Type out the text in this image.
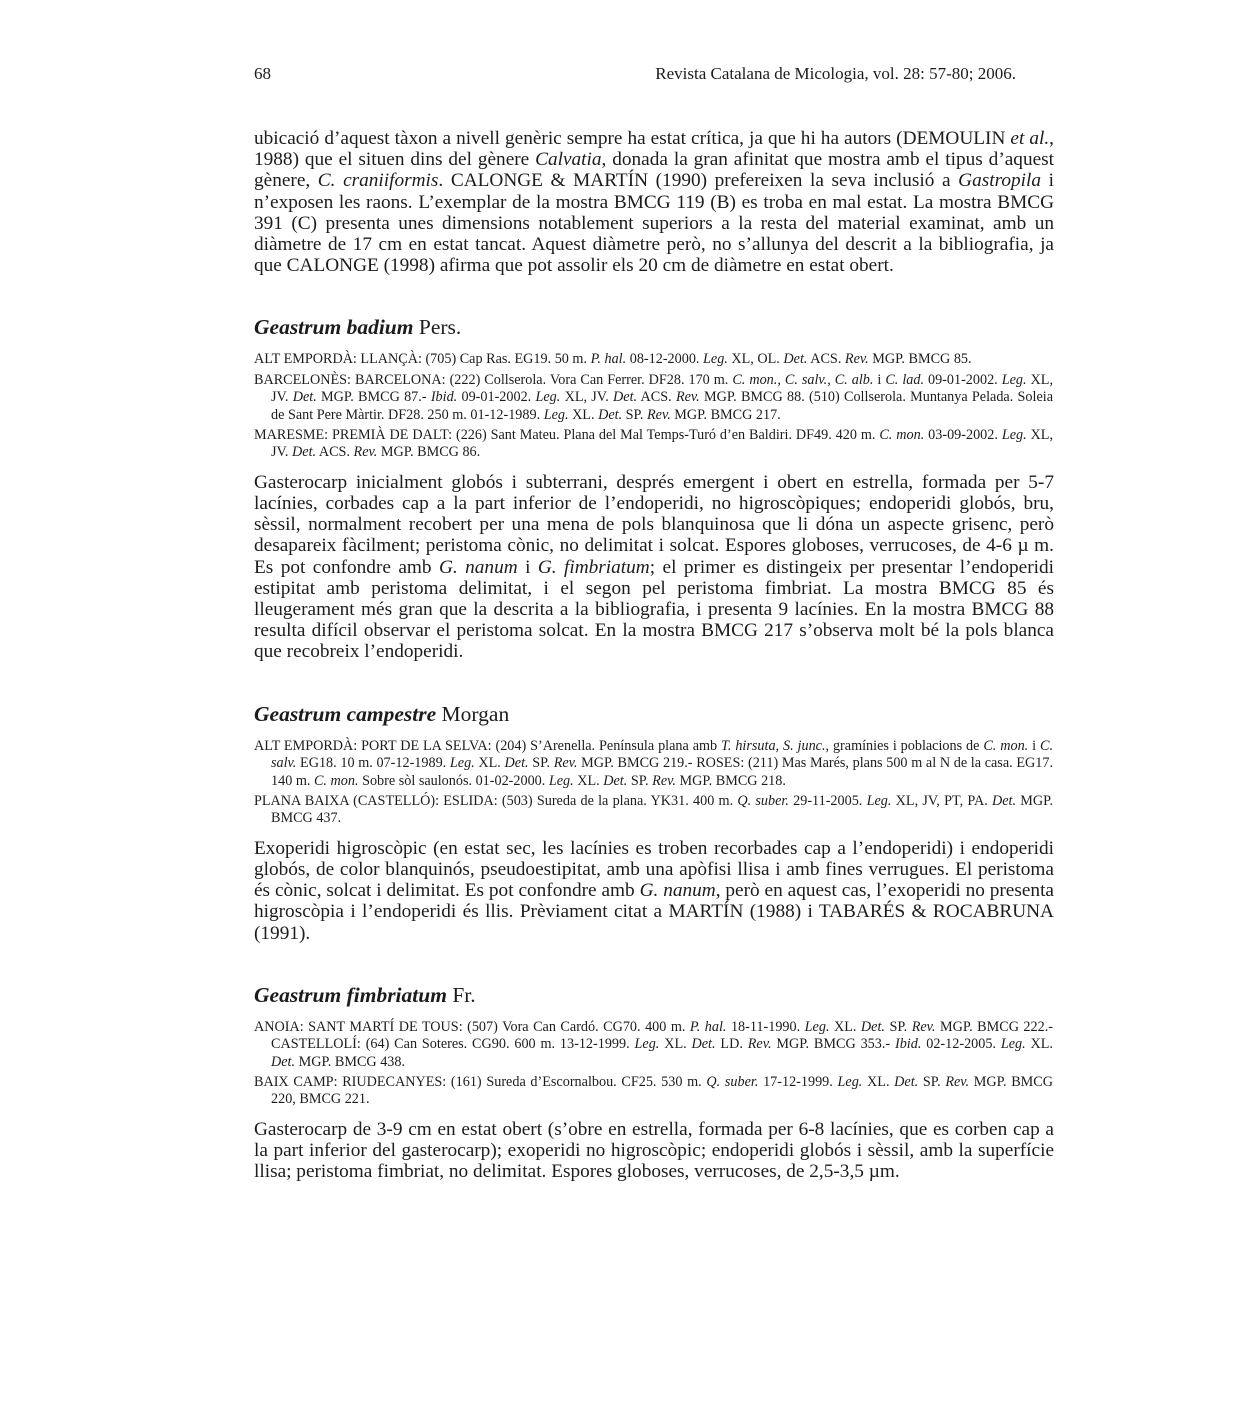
68	Revista Catalana de Micologia, vol. 28: 57-80; 2006.

ubicació d’aquest tàxon a nivell genèric sempre ha estat crítica, ja que hi ha autors (DEMOULIN et al., 1988) que el situen dins del gènere Calvatia, donada la gran afinitat que mostra amb el tipus d’aquest gènere, C. craniiformis. CALONGE & MARTÍN (1990) prefereixen la seva inclusió a Gastropila i n’exposen les raons. L’exemplar de la mostra BMCG 119 (B) es troba en mal estat. La mostra BMCG 391 (C) presenta unes dimensions notablement superiors a la resta del material examinat, amb un diàmetre de 17 cm en estat tancat. Aquest diàmetre però, no s’allunya del descrit a la bibliografia, ja que CALONGE (1998) afirma que pot assolir els 20 cm de diàmetre en estat obert.

Geastrum badium Pers.

ALT EMPORDÀ: LLANÇÀ: (705) Cap Ras. EG19. 50 m. P. hal. 08-12-2000. Leg. XL, OL. Det. ACS. Rev. MGP. BMCG 85.

BARCELONÈS: BARCELONA: (222) Collserola. Vora Can Ferrer. DF28. 170 m. C. mon., C. salv., C. alb. i C. lad. 09-01-2002. Leg. XL, JV. Det. MGP. BMCG 87.- Ibid. 09-01-2002. Leg. XL, JV. Det. ACS. Rev. MGP. BMCG 88. (510) Collserola. Muntanya Pelada. Soleia de Sant Pere Màrtir. DF28. 250 m. 01-12-1989. Leg. XL. Det. SP. Rev. MGP. BMCG 217.

MARESME: PREMIÀ DE DALT: (226) Sant Mateu. Plana del Mal Temps-Turó d’en Baldiri. DF49. 420 m. C. mon. 03-09-2002. Leg. XL, JV. Det. ACS. Rev. MGP. BMCG 86.

Gasterocarp inicialment globós i subterrani, després emergent i obert en estrella, formada per 5-7 lacínies, corbades cap a la part inferior de l’endoperidi, no higroscòpiques; endoperidi globós, bru, sèssil, normalment recobert per una mena de pols blanquinosa que li dóna un aspecte grisenc, però desapareix fàcilment; peristoma cònic, no delimitat i solcat. Espores globoses, verrucoses, de 4-6 µ m. Es pot confondre amb G. nanum i G. fimbriatum; el primer es distingeix per presentar l’endoperidi estipitat amb peristoma delimitat, i el segon pel peristoma fimbriat. La mostra BMCG 85 és lleugerament més gran que la descrita a la bibliografia, i presenta 9 lacínies. En la mostra BMCG 88 resulta difícil observar el peristoma solcat. En la mostra BMCG 217 s’observa molt bé la pols blanca que recobreix l’endoperidi.

Geastrum campestre Morgan

ALT EMPORDÀ: PORT DE LA SELVA: (204) S’Arenella. Península plana amb T. hirsuta, S. junc., gramínies i poblacions de C. mon. i C. salv. EG18. 10 m. 07-12-1989. Leg. XL. Det. SP. Rev. MGP. BMCG 219.- ROSES: (211) Mas Marés, plans 500 m al N de la casa. EG17. 140 m. C. mon. Sobre sòl saulonós. 01-02-2000. Leg. XL. Det. SP. Rev. MGP. BMCG 218.

PLANA BAIXA (CASTELLÓ): ESLIDA: (503) Sureda de la plana. YK31. 400 m. Q. suber. 29-11-2005. Leg. XL, JV, PT, PA. Det. MGP. BMCG 437.

Exoperidi higroscòpic (en estat sec, les lacínies es troben recorbades cap a l’endoperidi) i endoperidi globós, de color blanquinós, pseudoestipitat, amb una apòfisi llisa i amb fines verrugues. El peristoma és cònic, solcat i delimitat. Es pot confondre amb G. nanum, però en aquest cas, l’exoperidi no presenta higroscòpia i l’endoperidi és llis. Prèviament citat a MARTÍN (1988) i TABARÉS & ROCABRUNA (1991).

Geastrum fimbriatum Fr.

ANOIA: SANT MARTÍ DE TOUS: (507) Vora Can Cardó. CG70. 400 m. P. hal. 18-11-1990. Leg. XL. Det. SP. Rev. MGP. BMCG 222.- CASTELLOLÍ: (64) Can Soteres. CG90. 600 m. 13-12-1999. Leg. XL. Det. LD. Rev. MGP. BMCG 353.- Ibid. 02-12-2005. Leg. XL. Det. MGP. BMCG 438.

BAIX CAMP: RIUDECANYES: (161) Sureda d’Escornalbou. CF25. 530 m. Q. suber. 17-12-1999. Leg. XL. Det. SP. Rev. MGP. BMCG 220, BMCG 221.

Gasterocarp de 3-9 cm en estat obert (s’obre en estrella, formada per 6-8 lacínies, que es corben cap a la part inferior del gasterocarp); exoperidi no higroscòpic; endoperidi globós i sèssil, amb la superfície llisa; peristoma fimbriat, no delimitat. Espores globoses, verrucoses, de 2,5-3,5 µm.
